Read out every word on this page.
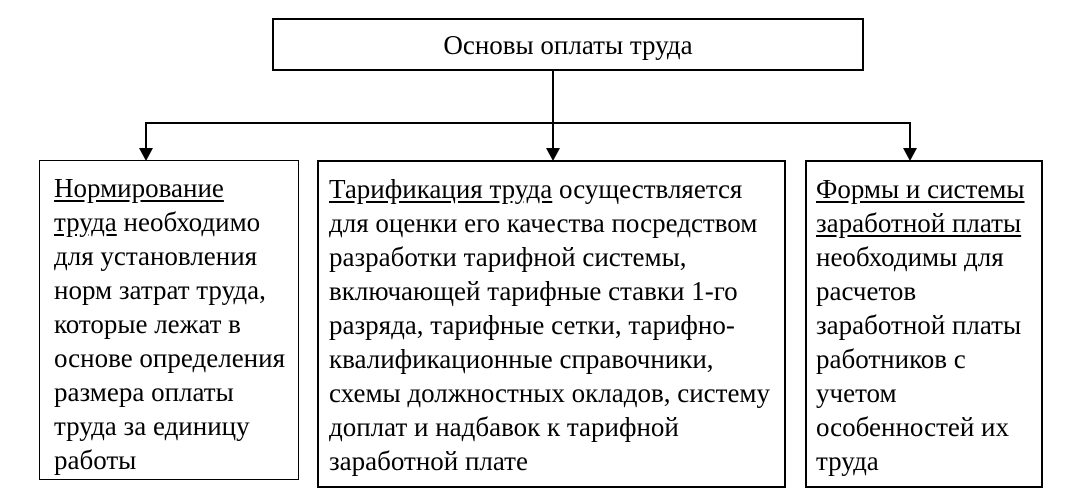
Основы оплаты труда
Нормирование
труда необходимо
для установления
норм затрат труда,
которые лежат в
основе определения
размера оплаты
труда за единицу
работы
Тарификация труда осуществляется
для оценки его качества посредством
разработки тарифной системы,
включающей тарифные ставки 1-го
разряда, тарифные сетки, тарифно-
квалификационные справочники,
схемы должностных окладов, систему
доплат и надбавок к тарифной
заработной плате
Формы и системы
заработной платы
необходимы для
расчетов
заработной платы
работников с
учетом
особенностей их
труда
